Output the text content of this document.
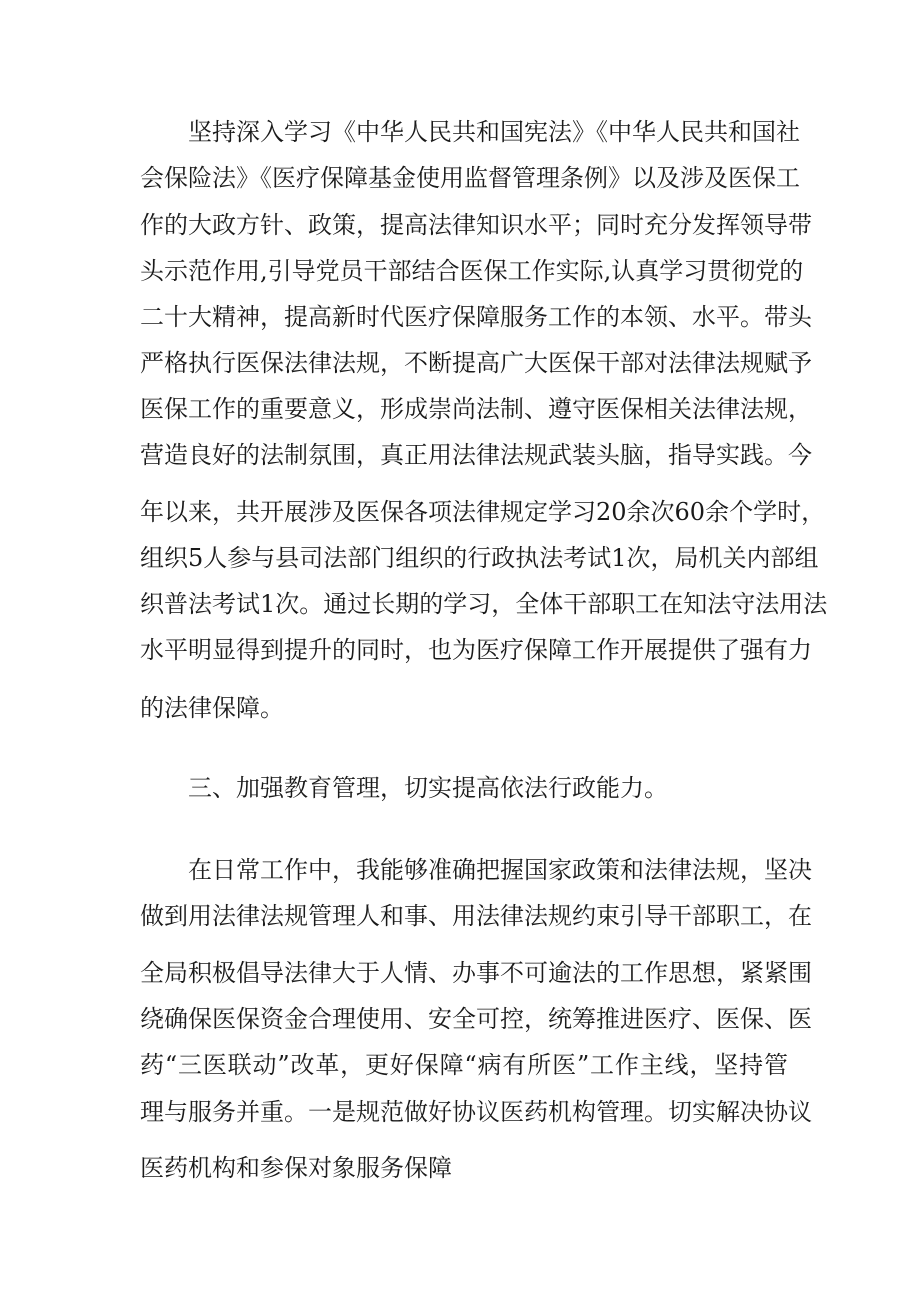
坚持深入学习《中华人民共和国宪法》《中华人民共和国社
会保险法》《医疗保障基金使用监督管理条例》以及涉及医保工
作的大政方针、政策，提高法律知识水平；同时充分发挥领导带
头示范作用,引导党员干部结合医保工作实际,认真学习贯彻党的
二十大精神，提高新时代医疗保障服务工作的本领、水平。带头
严格执行医保法律法规，不断提高广大医保干部对法律法规赋予
医保工作的重要意义，形成崇尚法制、遵守医保相关法律法规，
营造良好的法制氛围，真正用法律法规武装头脑，指导实践。今
年以来，共开展涉及医保各项法律规定学习20余次60余个学时，
组织5人参与县司法部门组织的行政执法考试1次，局机关内部组
织普法考试1次。通过长期的学习，全体干部职工在知法守法用法
水平明显得到提升的同时，也为医疗保障工作开展提供了强有力
的法律保障。
三、加强教育管理，切实提高依法行政能力。
在日常工作中，我能够准确把握国家政策和法律法规，坚决
做到用法律法规管理人和事、用法律法规约束引导干部职工，在
全局积极倡导法律大于人情、办事不可逾法的工作思想，紧紧围
绕确保医保资金合理使用、安全可控，统筹推进医疗、医保、医
药“三医联动”改革，更好保障“病有所医”工作主线，坚持管
理与服务并重。一是规范做好协议医药机构管理。切实解决协议
医药机构和参保对象服务保障
